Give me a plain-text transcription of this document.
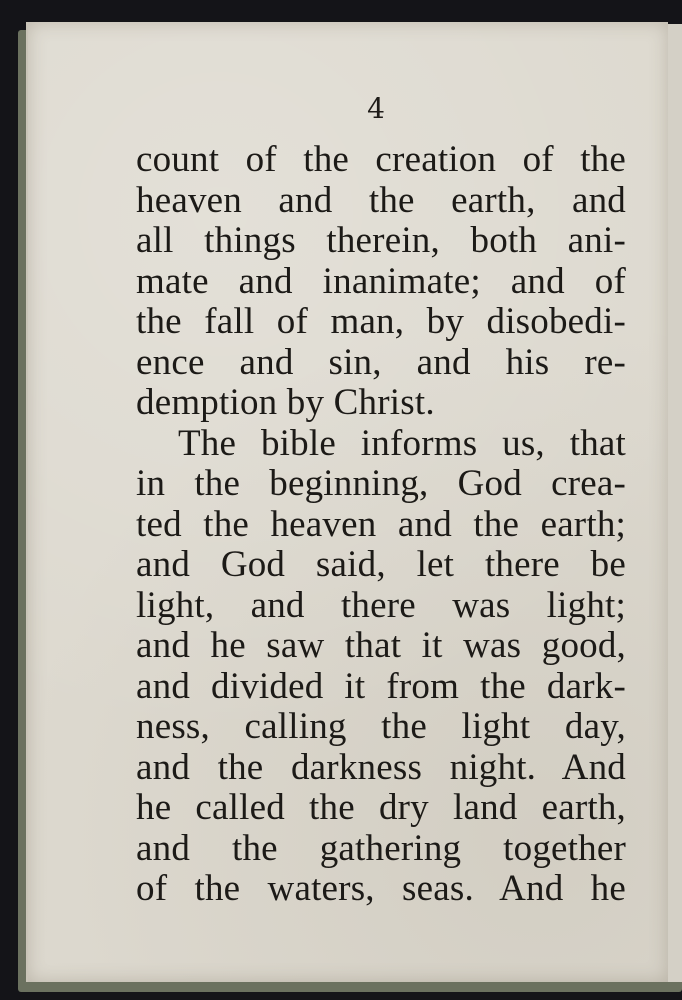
4
count of the creation of the
heaven and the earth, and
all things therein, both ani-
mate and inanimate; and of
the fall of man, by disobedi-
ence and sin, and his re-
demption by Christ.
The bible informs us, that
in the beginning, God crea-
ted the heaven and the earth;
and God said, let there be
light, and there was light;
and he saw that it was good,
and divided it from the dark-
ness, calling the light day,
and the darkness night. And
he called the dry land earth,
and the gathering together
of the waters, seas. And he
